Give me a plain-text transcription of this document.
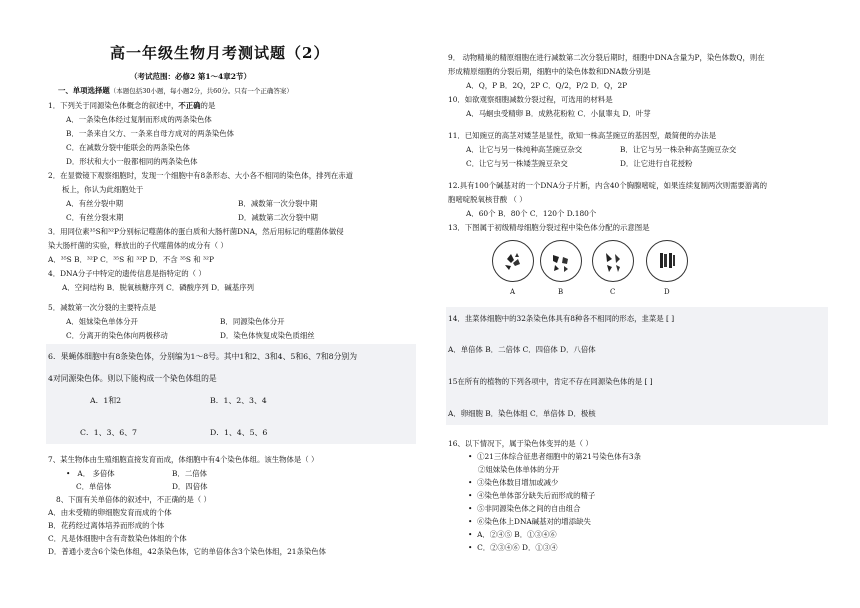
高一年级生物月考测试题（2）
（考试范围：必修2 第1～4章2节）
一、单项选择题（本题包括30小题，每小题2分，共60分。只有一个正确答案）
1．下列关于同源染色体概念的叙述中，不正确的是
A．一条染色体经过复制而形成的两条染色体
B．一条来自父方、一条来自母方成对的两条染色体
C．在减数分裂中能联会的两条染色体
D．形状和大小一般都相同的两条染色体
2．在显微镜下观察细胞时，发现一个细胞中有8条形态、大小各不相同的染色体，排列在赤道
板上，你认为此细胞处于
A．有丝分裂中期	B．减数第一次分裂中期
C．有丝分裂末期	D．减数第二次分裂中期
3．用同位素³⁵S和³²P分别标记噬菌体的蛋白质和大肠杆菌DNA，然后用标记的噬菌体做侵
染大肠杆菌的实验，释放出的子代噬菌体的成分有（ ）
A．³⁵S B．³²P C．³⁵S 和 ³²P D．不含 ³⁵S 和 ³²P
4．DNA分子中特定的遗传信息是指特定的（ ）
A．空间结构 B．脱氧核糖序列 C．磷酸序列 D．碱基序列
5．减数第一次分裂的主要特点是
A．姐妹染色单体分开	B．同源染色体分开
C．分离开的染色体向两极移动	D．染色体恢复成染色质细丝
6．果蝇体细胞中有8条染色体，分别编为1～8号。其中1和2、3和4、5和6、7和8分别为
4对同源染色体。则以下能构成一个染色体组的是
A．1和2	B．1、2、3、4
C．1、3、6、7	D．1、4、5、6
7、某生物体由生殖细胞直接发育而成，体细胞中有4个染色体组。该生物体是（ ）
•   A． 多倍体	B．二倍体
C．单倍体	D．四倍体
8、下面有关单倍体的叙述中，不正确的是（ ）
A．由未受精的卵细胞发育而成的个体
B．花药经过离体培养而形成的个体
C．凡是体细胞中含有奇数染色体组的个体
D．普通小麦含6个染色体组，42条染色体，它的单倍体含3个染色体组，21条染色体
9． 动物精巢的精原细胞在进行减数第二次分裂后期时，细胞中DNA含量为P，染色体数Q，则在
形成精原细胞的分裂后期，细胞中的染色体数和DNA数分别是
A．Q，P B．2Q，2P C．Q/2，P/2 D．Q，2P
10．如欲观察细胞减数分裂过程，可选用的材料是
A．马蛔虫受精卵 B．成熟花粉粒 C．小鼠睾丸 D．叶芽
11．已知豌豆的高茎对矮茎是显性，欲知一株高茎豌豆的基因型，最简便的办法是
A．让它与另一株纯种高茎豌豆杂交	B．让它与另一株杂种高茎豌豆杂交
C．让它与另一株矮茎豌豆杂交	D．让它进行自花授粉
12.具有100个碱基对的一个DNA分子片断，内含40个胸腺嘧啶，如果连续复制两次则需要游离的
胞嘧啶脱氧核苷酸 （ ）
A．60个 B．80个 C．120个 D.180个
13．下图属于初级精母细胞分裂过程中染色体分配的示意图是
A	B	C	D
14．韭菜体细胞中的32条染色体具有8种各不相同的形态，韭菜是 [ ]
A．单倍体 B．二倍体 C．四倍体 D．八倍体
15在所有的植物的下列各项中，肯定不存在同源染色体的是 [ ]
A．卵细胞 B．染色体组 C．单倍体 D．极核
16、以下情况下，属于染色体变异的是（ ）
•  ①21三体综合征患者细胞中的第21号染色体有3条
②姐妹染色体单体的分开
•  ③染色体数目增加或减少
•  ④染色单体部分缺失后而形成的精子
•  ⑤非同源染色体之间的自由组合
•  ⑥染色体上DNA碱基对的增添缺失
•  A．②④⑤ B．①③④⑥
•  C．②③④⑥ D．①③④
